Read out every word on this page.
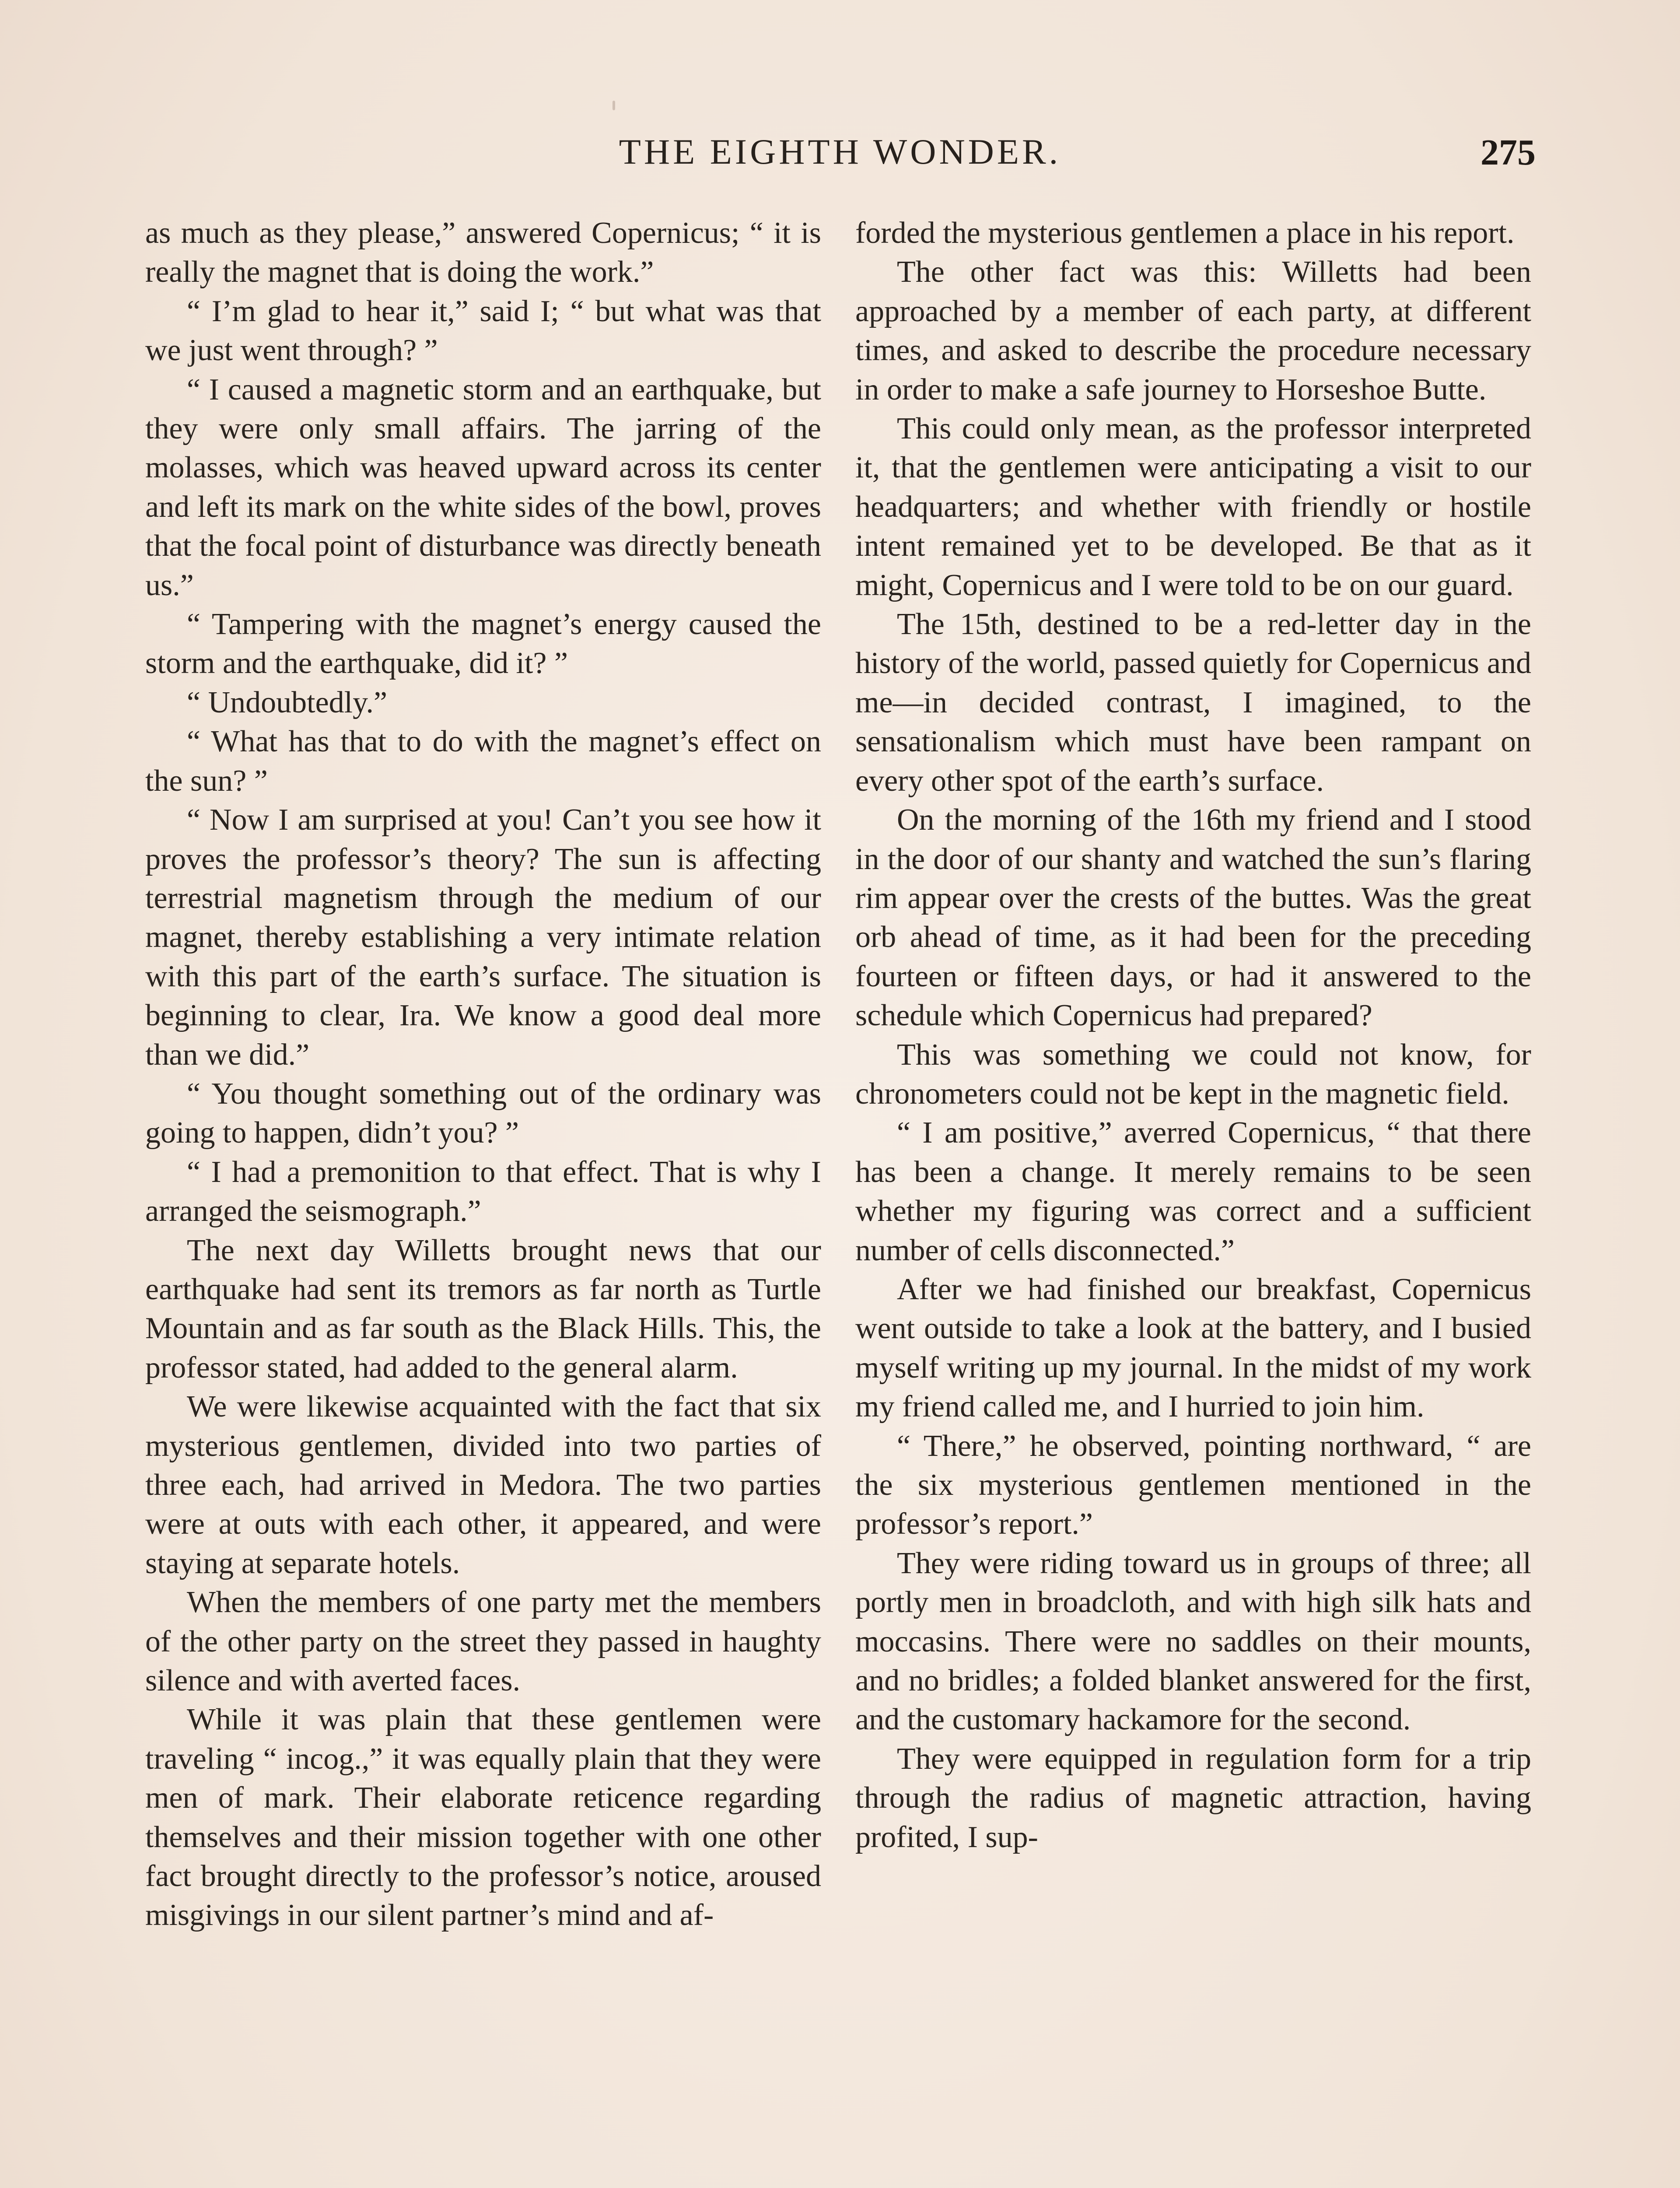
THE EIGHTH WONDER.	275

as much as they please,” answered Copernicus; “ it is really the magnet that is doing the work.”

“ I’m glad to hear it,” said I; “ but what was that we just went through? ”

“ I caused a magnetic storm and an earthquake, but they were only small affairs. The jarring of the molasses, which was heaved upward across its center and left its mark on the white sides of the bowl, proves that the focal point of disturbance was directly beneath us.”

“ Tampering with the magnet’s energy caused the storm and the earthquake, did it? ”

“ Undoubtedly.”

“ What has that to do with the magnet’s effect on the sun? ”

“ Now I am surprised at you! Can’t you see how it proves the professor’s theory? The sun is affecting terrestrial magnetism through the medium of our magnet, thereby establishing a very intimate relation with this part of the earth’s surface. The situation is beginning to clear, Ira. We know a good deal more than we did.”

“ You thought something out of the ordinary was going to happen, didn’t you? ”

“ I had a premonition to that effect. That is why I arranged the seismograph.”

The next day Willetts brought news that our earthquake had sent its tremors as far north as Turtle Mountain and as far south as the Black Hills. This, the professor stated, had added to the general alarm.

We were likewise acquainted with the fact that six mysterious gentlemen, divided into two parties of three each, had arrived in Medora. The two parties were at outs with each other, it appeared, and were staying at separate hotels.

When the members of one party met the members of the other party on the street they passed in haughty silence and with averted faces.

While it was plain that these gentlemen were traveling “ incog.,” it was equally plain that they were men of mark. Their elaborate reticence regarding themselves and their mission together with one other fact brought directly to the professor’s notice, aroused misgivings in our silent partner’s mind and af-

forded the mysterious gentlemen a place in his report.

The other fact was this: Willetts had been approached by a member of each party, at different times, and asked to describe the procedure necessary in order to make a safe journey to Horseshoe Butte.

This could only mean, as the professor interpreted it, that the gentlemen were anticipating a visit to our headquarters; and whether with friendly or hostile intent remained yet to be developed. Be that as it might, Copernicus and I were told to be on our guard.

The 15th, destined to be a red-letter day in the history of the world, passed quietly for Copernicus and me—in decided contrast, I imagined, to the sensationalism which must have been rampant on every other spot of the earth’s surface.

On the morning of the 16th my friend and I stood in the door of our shanty and watched the sun’s flaring rim appear over the crests of the buttes. Was the great orb ahead of time, as it had been for the preceding fourteen or fifteen days, or had it answered to the schedule which Copernicus had prepared?

This was something we could not know, for chronometers could not be kept in the magnetic field.

“ I am positive,” averred Copernicus, “ that there has been a change. It merely remains to be seen whether my figuring was correct and a sufficient number of cells disconnected.”

After we had finished our breakfast, Copernicus went outside to take a look at the battery, and I busied myself writing up my journal. In the midst of my work my friend called me, and I hurried to join him.

“ There,” he observed, pointing northward, “ are the six mysterious gentlemen mentioned in the professor’s report.”

They were riding toward us in groups of three; all portly men in broadcloth, and with high silk hats and moccasins. There were no saddles on their mounts, and no bridles; a folded blanket answered for the first, and the customary hackamore for the second.

They were equipped in regulation form for a trip through the radius of magnetic attraction, having profited, I sup-
